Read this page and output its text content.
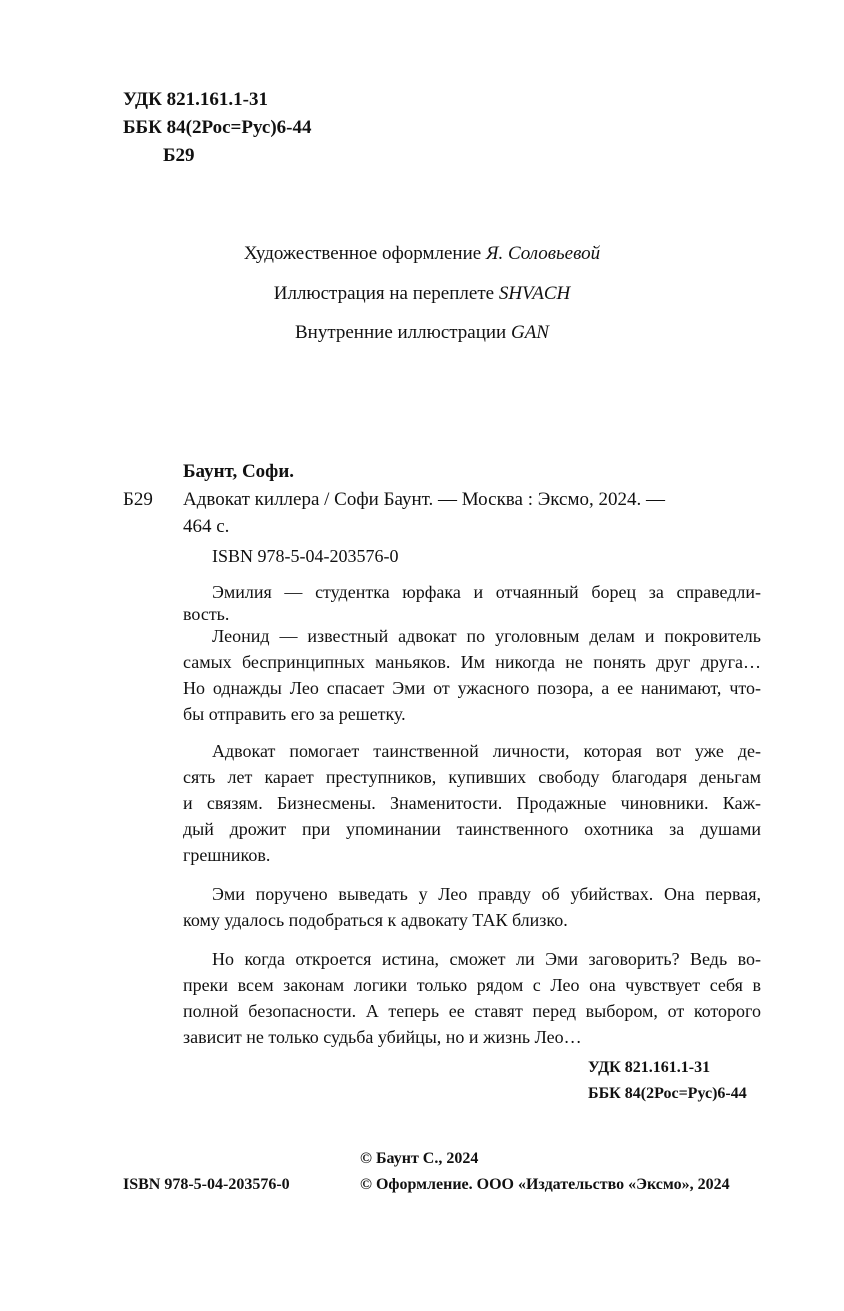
УДК 821.161.1-31
ББК 84(2Рос=Рус)6-44
Б29
Художественное оформление Я. Соловьевой
Иллюстрация на переплете SHVACH
Внутренние иллюстрации GAN
Баунт, Софи.
Б29 Адвокат киллера / Софи Баунт. — Москва : Эксмо, 2024. —
464 с.
ISBN 978-5-04-203576-0
Эмилия — студентка юрфака и отчаянный борец за справедли-
вость.
Леонид — известный адвокат по уголовным делам и покровитель
самых беспринципных маньяков. Им никогда не понять друг друга…
Но однажды Лео спасает Эми от ужасного позора, а ее нанимают, что-
бы отправить его за решетку.
Адвокат помогает таинственной личности, которая вот уже де-
сять лет карает преступников, купивших свободу благодаря деньгам
и связям. Бизнесмены. Знаменитости. Продажные чиновники. Каж-
дый дрожит при упоминании таинственного охотника за душами
грешников.
Эми поручено выведать у Лео правду об убийствах. Она первая,
кому удалось подобраться к адвокату ТАК близко.
Но когда откроется истина, сможет ли Эми заговорить? Ведь во-
преки всем законам логики только рядом с Лео она чувствует себя в
полной безопасности. А теперь ее ставят перед выбором, от которого
зависит не только судьба убийцы, но и жизнь Лео…
УДК 821.161.1-31
ББК 84(2Рос=Рус)6-44
© Баунт С., 2024
ISBN 978-5-04-203576-0	© Оформление. ООО «Издательство «Эксмо», 2024
